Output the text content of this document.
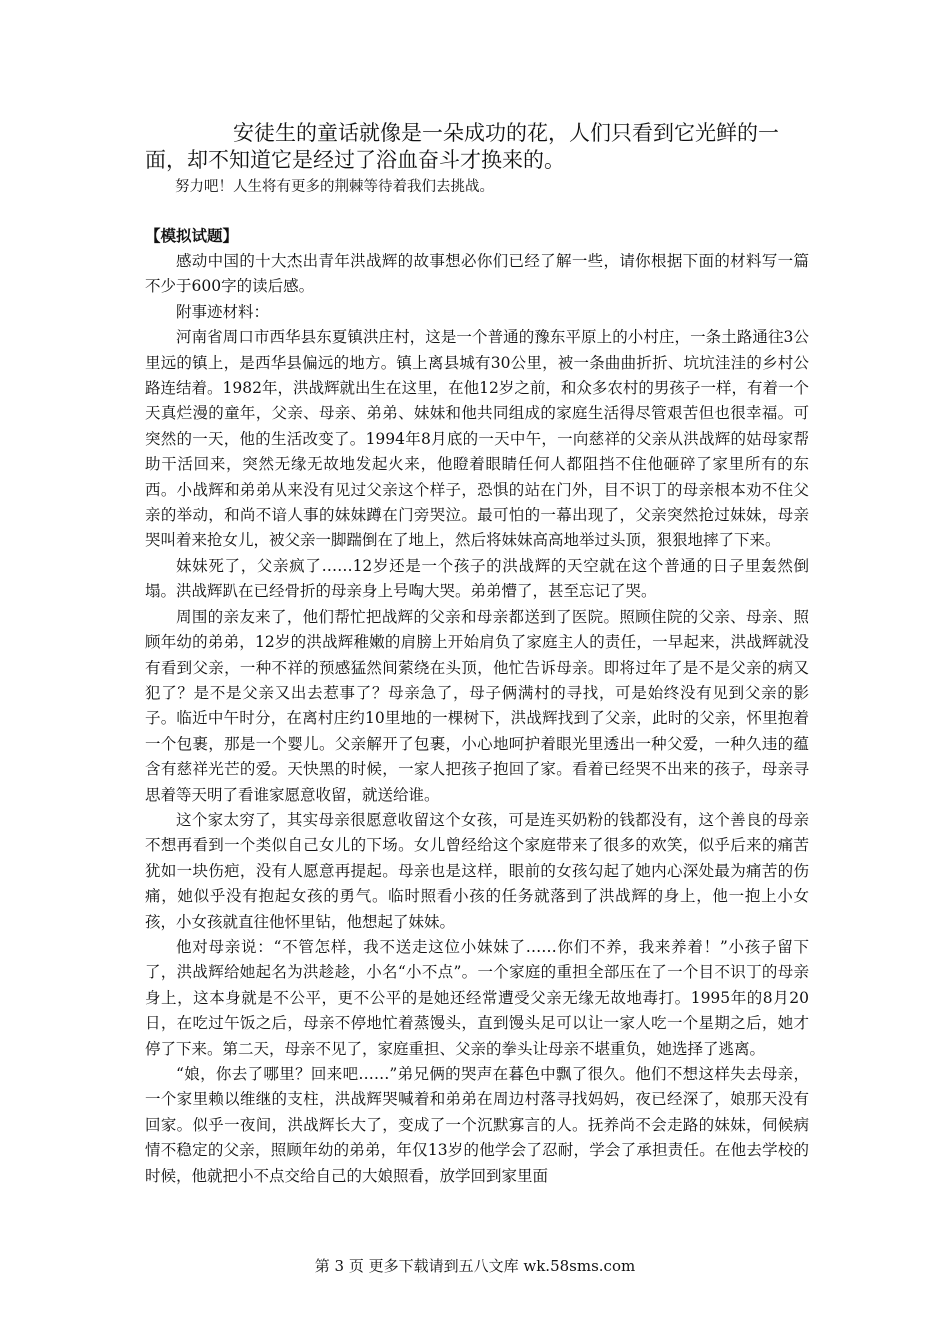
安徒生的童话就像是一朵成功的花，人们只看到它光鲜的一面，却不知道它是经过了浴血奋斗才换来的。

努力吧！人生将有更多的荆棘等待着我们去挑战。

【模拟试题】

感动中国的十大杰出青年洪战辉的故事想必你们已经了解一些，请你根据下面的材料写一篇不少于600字的读后感。

附事迹材料：

河南省周口市西华县东夏镇洪庄村，这是一个普通的豫东平原上的小村庄，一条土路通往3公里远的镇上，是西华县偏远的地方。镇上离县城有30公里，被一条曲曲折折、坑坑洼洼的乡村公路连结着。1982年，洪战辉就出生在这里，在他12岁之前，和众多农村的男孩子一样，有着一个天真烂漫的童年，父亲、母亲、弟弟、妹妹和他共同组成的家庭生活得尽管艰苦但也很幸福。可突然的一天，他的生活改变了。1994年8月底的一天中午，一向慈祥的父亲从洪战辉的姑母家帮助干活回来，突然无缘无故地发起火来，他瞪着眼睛任何人都阻挡不住他砸碎了家里所有的东西。小战辉和弟弟从来没有见过父亲这个样子，恐惧的站在门外，目不识丁的母亲根本劝不住父亲的举动，和尚不谙人事的妹妹蹲在门旁哭泣。最可怕的一幕出现了，父亲突然抢过妹妹，母亲哭叫着来抢女儿，被父亲一脚踹倒在了地上，然后将妹妹高高地举过头顶，狠狠地摔了下来。

妹妹死了，父亲疯了……12岁还是一个孩子的洪战辉的天空就在这个普通的日子里轰然倒塌。洪战辉趴在已经骨折的母亲身上号啕大哭。弟弟懵了，甚至忘记了哭。

周围的亲友来了，他们帮忙把战辉的父亲和母亲都送到了医院。照顾住院的父亲、母亲、照顾年幼的弟弟，12岁的洪战辉稚嫩的肩膀上开始肩负了家庭主人的责任，一早起来，洪战辉就没有看到父亲，一种不祥的预感猛然间萦绕在头顶，他忙告诉母亲。即将过年了是不是父亲的病又犯了？是不是父亲又出去惹事了？母亲急了，母子俩满村的寻找，可是始终没有见到父亲的影子。临近中午时分，在离村庄约10里地的一棵树下，洪战辉找到了父亲，此时的父亲，怀里抱着一个包裹，那是一个婴儿。父亲解开了包裹，小心地呵护着眼光里透出一种父爱，一种久违的蕴含有慈祥光芒的爱。天快黑的时候，一家人把孩子抱回了家。看着已经哭不出来的孩子，母亲寻思着等天明了看谁家愿意收留，就送给谁。

这个家太穷了，其实母亲很愿意收留这个女孩，可是连买奶粉的钱都没有，这个善良的母亲不想再看到一个类似自己女儿的下场。女儿曾经给这个家庭带来了很多的欢笑，似乎后来的痛苦犹如一块伤疤，没有人愿意再提起。母亲也是这样，眼前的女孩勾起了她内心深处最为痛苦的伤痛，她似乎没有抱起女孩的勇气。临时照看小孩的任务就落到了洪战辉的身上，他一抱上小女孩，小女孩就直往他怀里钻，他想起了妹妹。

他对母亲说：“不管怎样，我不送走这位小妹妹了……你们不养，我来养着！”小孩子留下了，洪战辉给她起名为洪趁趁，小名“小不点”。一个家庭的重担全部压在了一个目不识丁的母亲身上，这本身就是不公平，更不公平的是她还经常遭受父亲无缘无故地毒打。1995年的8月20日，在吃过午饭之后，母亲不停地忙着蒸馒头，直到馒头足可以让一家人吃一个星期之后，她才停了下来。第二天，母亲不见了，家庭重担、父亲的拳头让母亲不堪重负，她选择了逃离。

“娘，你去了哪里？回来吧……”弟兄俩的哭声在暮色中飘了很久。他们不想这样失去母亲，一个家里赖以维继的支柱，洪战辉哭喊着和弟弟在周边村落寻找妈妈，夜已经深了，娘那天没有回家。似乎一夜间，洪战辉长大了，变成了一个沉默寡言的人。抚养尚不会走路的妹妹，伺候病情不稳定的父亲，照顾年幼的弟弟，年仅13岁的他学会了忍耐，学会了承担责任。在他去学校的时候，他就把小不点交给自己的大娘照看，放学回到家里面

第 3 页 更多下载请到五八文库 wk.58sms.com
